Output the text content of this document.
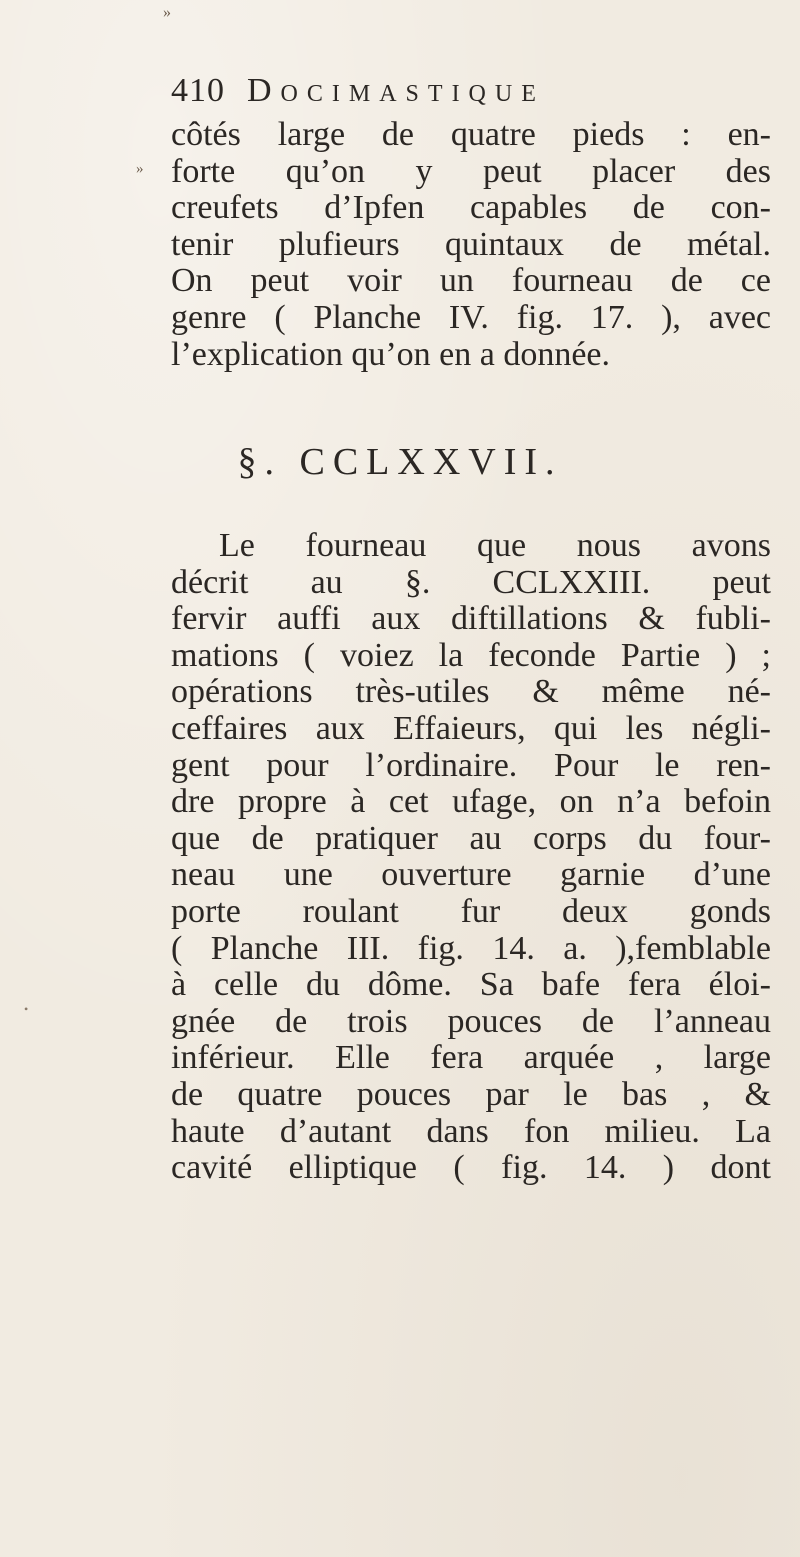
»
»
•
410 Docimastique
côtés large de quatre pieds : en-
forte qu’on y peut placer des
creufets d’Ipfen capables de con-
tenir plufieurs quintaux de métal.
On peut voir un fourneau de ce
genre ( Planche IV. fig. 17. ), avec
l’explication qu’on en a donnée.
§. CCLXXVII.
Le fourneau que nous avons
décrit au §. CCLXXIII. peut
fervir auffi aux diftillations & fubli-
mations ( voiez la feconde Partie ) ;
opérations très-utiles & même né-
ceffaires aux Effaieurs, qui les négli-
gent pour l’ordinaire. Pour le ren-
dre propre à cet ufage, on n’a befoin
que de pratiquer au corps du four-
neau une ouverture garnie d’une
porte roulant fur deux gonds
( Planche III. fig. 14. a. ),femblable
à celle du dôme. Sa bafe fera éloi-
gnée de trois pouces de l’anneau
inférieur. Elle fera arquée , large
de quatre pouces par le bas , &
haute d’autant dans fon milieu. La
cavité elliptique ( fig. 14. ) dont
